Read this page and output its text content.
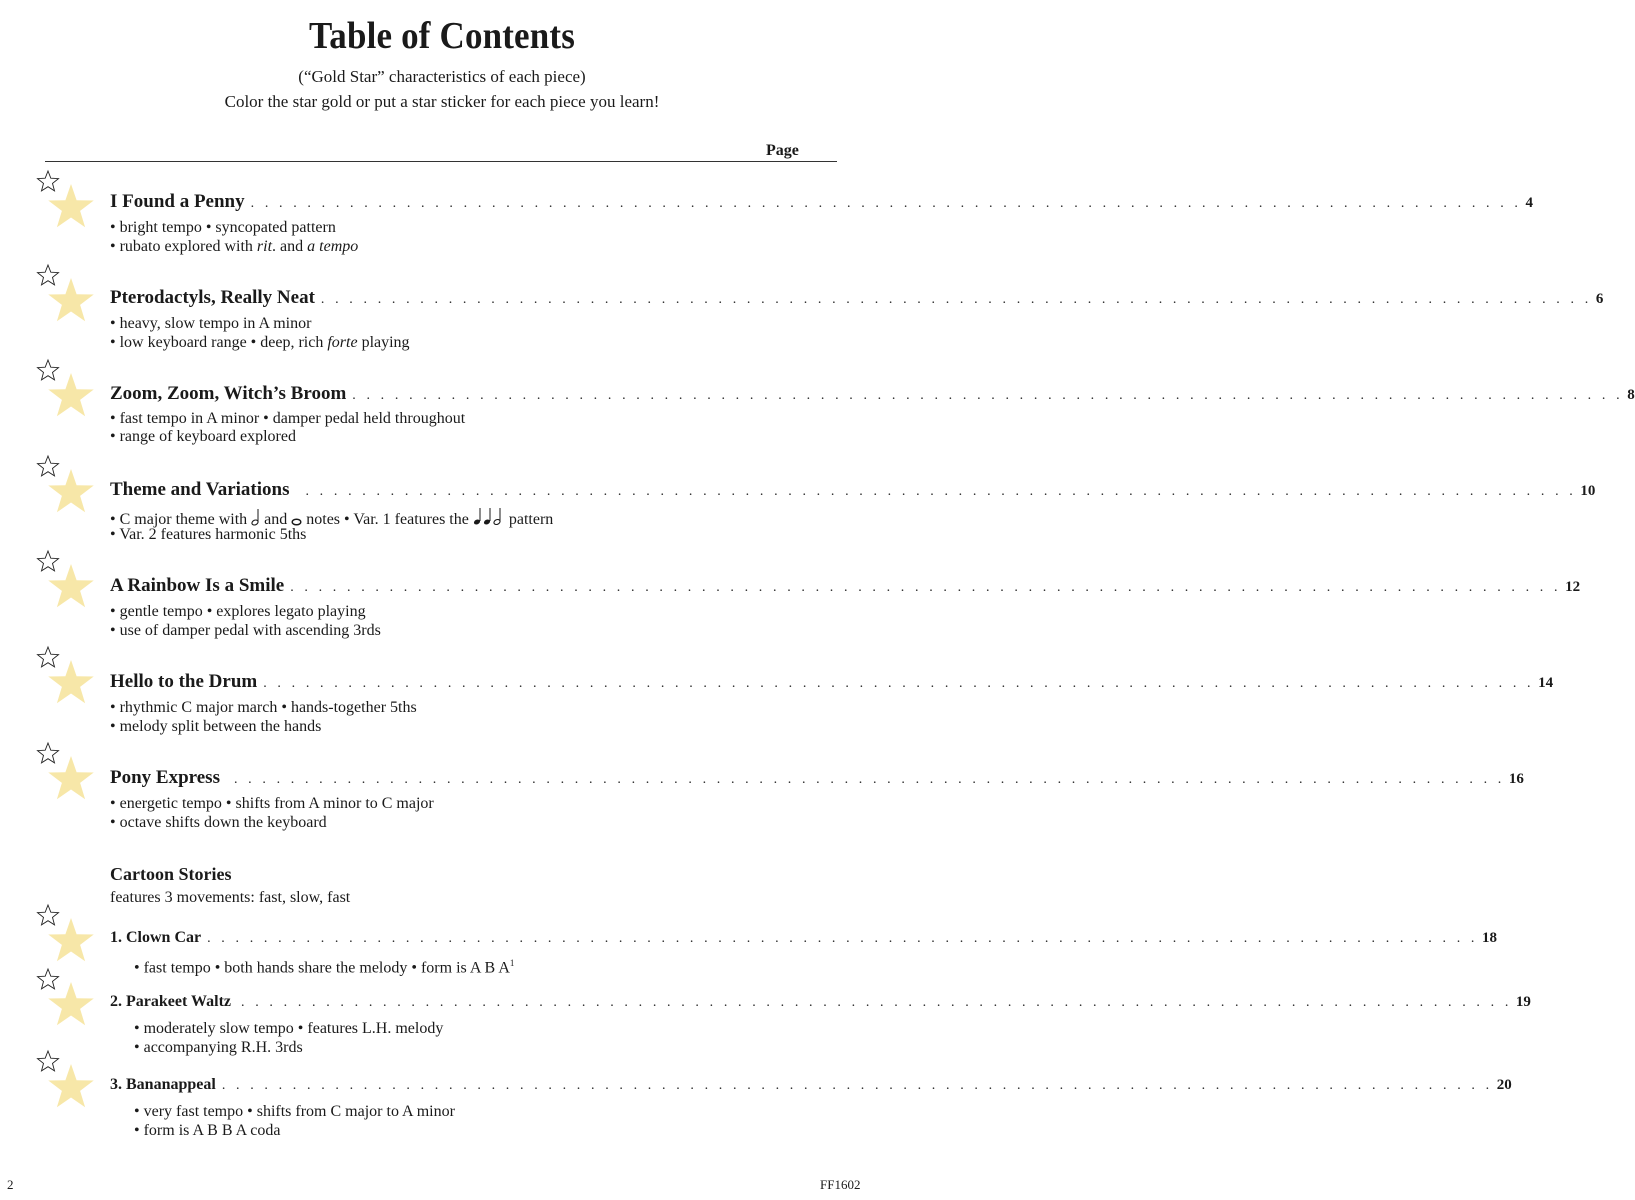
Table of Contents
(“Gold Star” characteristics of each piece)
Color the star gold or put a star sticker for each piece you learn!
Page
I Found a Penny . . . . . . . . . . . . . . . . . . . . . . . . . . . . . . . . . . . . . . . . . . . . . . . . . . . . . . . . . . . . . . . . . . . . . . . . . . . . . . . . . . . . . . . . . . 4
• bright tempo • syncopated pattern
• rubato explored with rit. and a tempo
Pterodactyls, Really Neat . . . . . . . . . . . . . . . . . . . . . . . . . . . . . . . . . . . . . . . . . . . . . . . . . . . . . . . . . . . . . . . . . . . . . . . . . . . . . . . . . . . . . . . . . . 6
• heavy, slow tempo in A minor
• low keyboard range • deep, rich forte playing
Zoom, Zoom, Witch’s Broom . . . . . . . . . . . . . . . . . . . . . . . . . . . . . . . . . . . . . . . . . . . . . . . . . . . . . . . . . . . . . . . . . . . . . . . . . . . . . . . . . . . . . . . . . . 8
• fast tempo in A minor • damper pedal held throughout
• range of keyboard explored
Theme and Variations	. . . . . . . . . . . . . . . . . . . . . . . . . . . . . . . . . . . . . . . . . . . . . . . . . . . . . . . . . . . . . . . . . . . . . . . . . . . . . . . . . . . . . . . . . . 10
• C major theme with  and  notes • Var. 1 features the  pattern
• Var. 2 features harmonic 5ths
A Rainbow Is a Smile . . . . . . . . . . . . . . . . . . . . . . . . . . . . . . . . . . . . . . . . . . . . . . . . . . . . . . . . . . . . . . . . . . . . . . . . . . . . . . . . . . . . . . . . . . 12
• gentle tempo • explores legato playing
• use of damper pedal with ascending 3rds
Hello to the Drum . . . . . . . . . . . . . . . . . . . . . . . . . . . . . . . . . . . . . . . . . . . . . . . . . . . . . . . . . . . . . . . . . . . . . . . . . . . . . . . . . . . . . . . . . . 14
• rhythmic C major march • hands-together 5ths
• melody split between the hands
Pony Express	. . . . . . . . . . . . . . . . . . . . . . . . . . . . . . . . . . . . . . . . . . . . . . . . . . . . . . . . . . . . . . . . . . . . . . . . . . . . . . . . . . . . . . . . . . 16
• energetic tempo • shifts from A minor to C major
• octave shifts down the keyboard
Cartoon Stories
features 3 movements: fast, slow, fast
1. Clown Car . . . . . . . . . . . . . . . . . . . . . . . . . . . . . . . . . . . . . . . . . . . . . . . . . . . . . . . . . . . . . . . . . . . . . . . . . . . . . . . . . . . . . . . . . . 18
• fast tempo • both hands share the melody • form is A B $A^1$
2. Parakeet Waltz . . . . . . . . . . . . . . . . . . . . . . . . . . . . . . . . . . . . . . . . . . . . . . . . . . . . . . . . . . . . . . . . . . . . . . . . . . . . . . . . . . . . . . . . . . 19
• moderately slow tempo • features L.H. melody
• accompanying R.H. 3rds
3. Bananappeal . . . . . . . . . . . . . . . . . . . . . . . . . . . . . . . . . . . . . . . . . . . . . . . . . . . . . . . . . . . . . . . . . . . . . . . . . . . . . . . . . . . . . . . . . . 20
• very fast tempo • shifts from C major to A minor
• form is A B B A coda
2	FF1602
